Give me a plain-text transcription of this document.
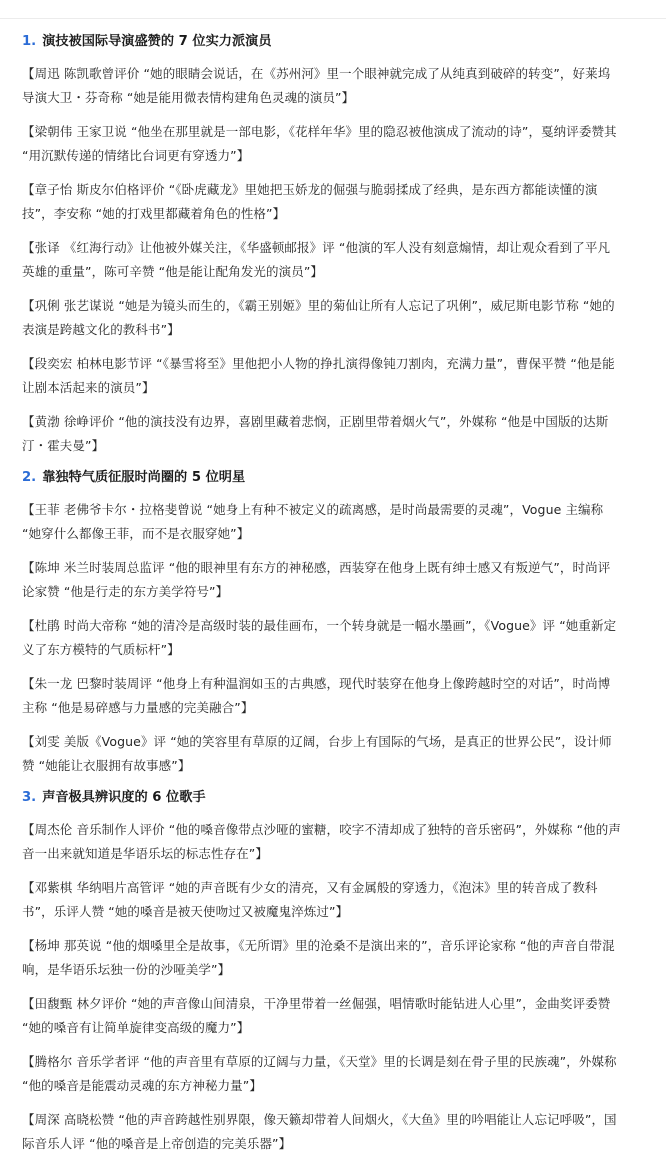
1. 演技被国际导演盛赞的 7 位实力派演员
【周迅 陈凯歌曾评价 “她的眼睛会说话，在《苏州河》里一个眼神就完成了从纯真到破碎的转变”，好莱坞导演大卫・芬奇称 “她是能用微表情构建角色灵魂的演员”】
【梁朝伟 王家卫说 “他坐在那里就是一部电影，《花样年华》里的隐忍被他演成了流动的诗”，戛纳评委赞其 “用沉默传递的情绪比台词更有穿透力”】
【章子怡 斯皮尔伯格评价 “《卧虎藏龙》里她把玉娇龙的倔强与脆弱揉成了经典，是东西方都能读懂的演技”，李安称 “她的打戏里都藏着角色的性格”】
【张译 《红海行动》让他被外媒关注，《华盛顿邮报》评 “他演的军人没有刻意煽情，却让观众看到了平凡英雄的重量”，陈可辛赞 “他是能让配角发光的演员”】
【巩俐 张艺谋说 “她是为镜头而生的，《霸王别姬》里的菊仙让所有人忘记了巩俐”，威尼斯电影节称 “她的表演是跨越文化的教科书”】
【段奕宏 柏林电影节评 “《暴雪将至》里他把小人物的挣扎演得像钝刀割肉，充满力量”，曹保平赞 “他是能让剧本活起来的演员”】
【黄渤 徐峥评价 “他的演技没有边界，喜剧里藏着悲悯，正剧里带着烟火气”，外媒称 “他是中国版的达斯汀・霍夫曼”】
2. 靠独特气质征服时尚圈的 5 位明星
【王菲 老佛爷卡尔・拉格斐曾说 “她身上有种不被定义的疏离感，是时尚最需要的灵魂”，Vogue 主编称 “她穿什么都像王菲，而不是衣服穿她”】
【陈坤 米兰时装周总监评 “他的眼神里有东方的神秘感，西装穿在他身上既有绅士感又有叛逆气”，时尚评论家赞 “他是行走的东方美学符号”】
【杜鹃 时尚大帝称 “她的清冷是高级时装的最佳画布，一个转身就是一幅水墨画”，《Vogue》评 “她重新定义了东方模特的气质标杆”】
【朱一龙 巴黎时装周评 “他身上有种温润如玉的古典感，现代时装穿在他身上像跨越时空的对话”，时尚博主称 “他是易碎感与力量感的完美融合”】
【刘雯 美版《Vogue》评 “她的笑容里有草原的辽阔，台步上有国际的气场，是真正的世界公民”，设计师赞 “她能让衣服拥有故事感”】
3. 声音极具辨识度的 6 位歌手
【周杰伦 音乐制作人评价 “他的嗓音像带点沙哑的蜜糖，咬字不清却成了独特的音乐密码”，外媒称 “他的声音一出来就知道是华语乐坛的标志性存在”】
【邓紫棋 华纳唱片高管评 “她的声音既有少女的清亮，又有金属般的穿透力，《泡沫》里的转音成了教科书”，乐评人赞 “她的嗓音是被天使吻过又被魔鬼淬炼过”】
【杨坤 那英说 “他的烟嗓里全是故事，《无所谓》里的沧桑不是演出来的”，音乐评论家称 “他的声音自带混响，是华语乐坛独一份的沙哑美学”】
【田馥甄 林夕评价 “她的声音像山间清泉，干净里带着一丝倔强，唱情歌时能钻进人心里”，金曲奖评委赞 “她的嗓音有让简单旋律变高级的魔力”】
【腾格尔 音乐学者评 “他的声音里有草原的辽阔与力量，《天堂》里的长调是刻在骨子里的民族魂”，外媒称 “他的嗓音是能震动灵魂的东方神秘力量”】
【周深 高晓松赞 “他的声音跨越性别界限，像天籁却带着人间烟火，《大鱼》里的吟唱能让人忘记呼吸”，国际音乐人评 “他的嗓音是上帝创造的完美乐器”】
